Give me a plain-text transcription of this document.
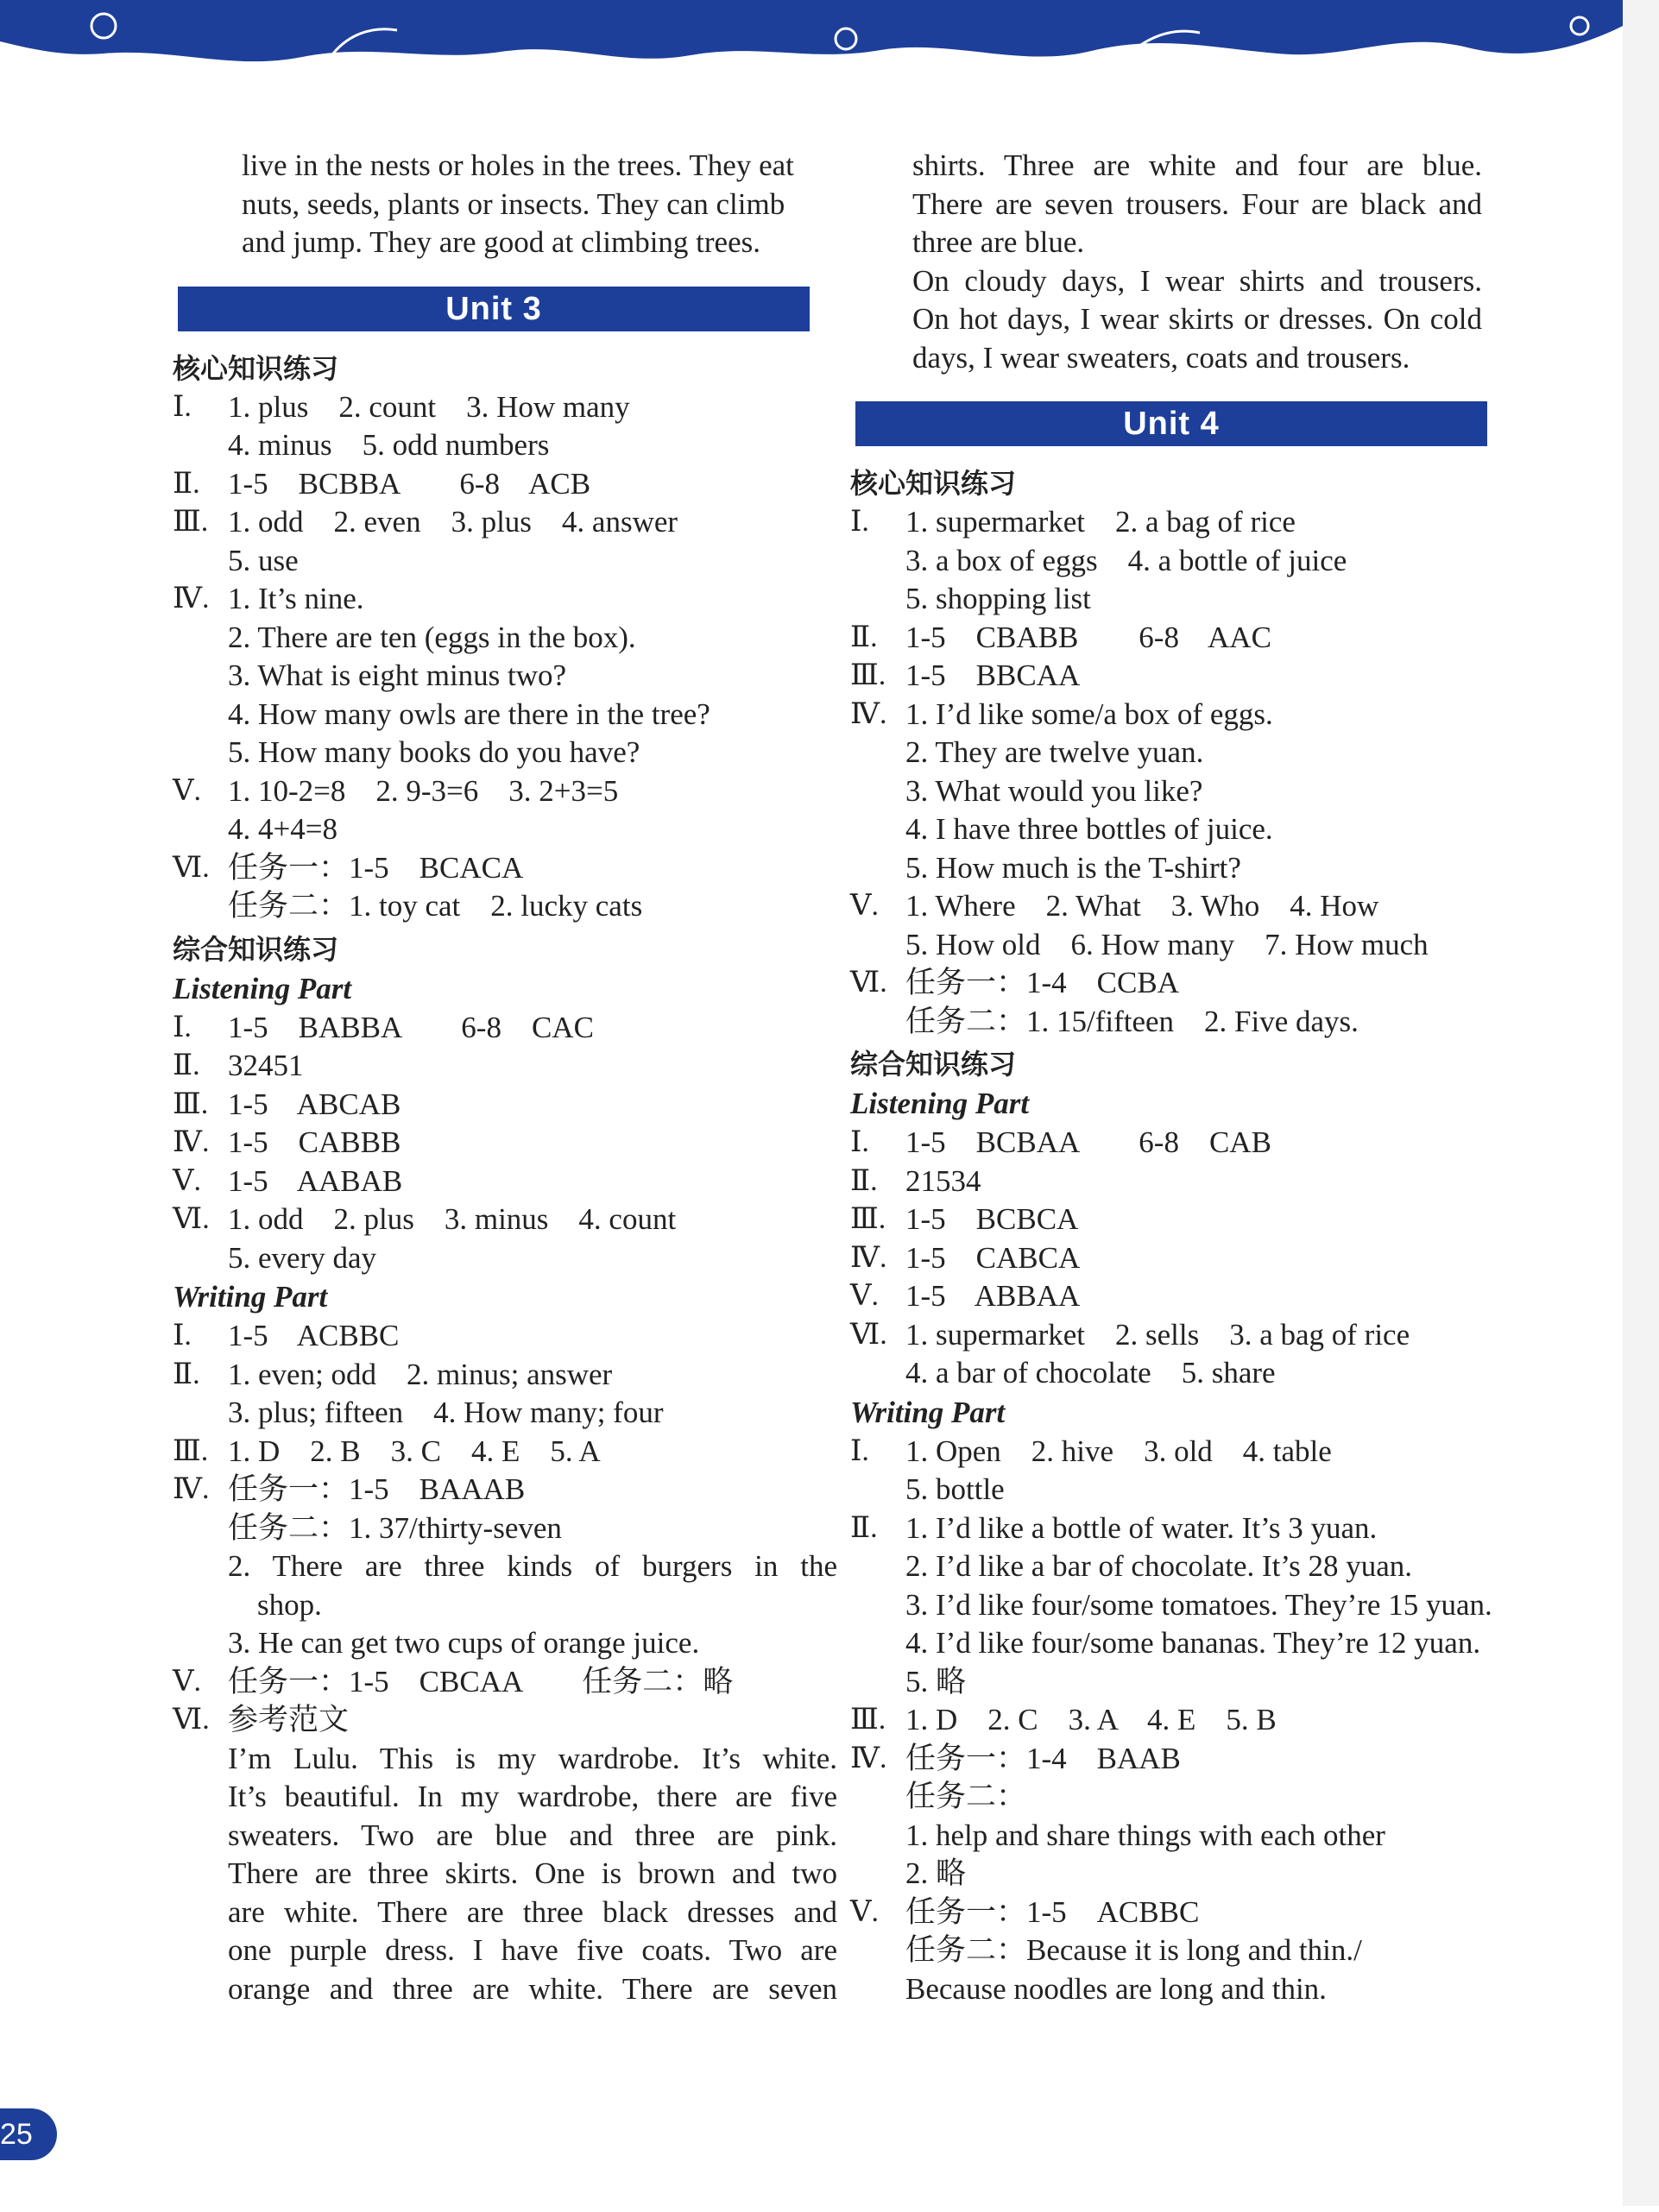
live in the nests or holes in the trees. They eat
nuts, seeds, plants or insects. They can climb
and jump. They are good at climbing trees.
Unit 3
核心知识练习
Ⅰ.	1. plus    2. count    3. How many
4. minus    5. odd numbers
Ⅱ. 1-5    BCBBA        6-8    ACB
Ⅲ. 1. odd    2. even    3. plus    4. answer
5. use
Ⅳ. 1. It’s nine.
2. There are ten (eggs in the box).
3. What is eight minus two?
4. How many owls are there in the tree?
5. How many books do you have?
Ⅴ. 1. 10-2=8    2. 9-3=6    3. 2+3=5
4. 4+4=8
Ⅵ. 任务一：1-5    BCACA
任务二：1. toy cat    2. lucky cats
综合知识练习
Listening Part
Ⅰ.	1-5    BABBA        6-8    CAC
Ⅱ. 32451
Ⅲ. 1-5    ABCAB
Ⅳ. 1-5    CABBB
Ⅴ. 1-5    AABAB
Ⅵ. 1. odd    2. plus    3. minus    4. count
5. every day
Writing Part
Ⅰ.	1-5    ACBBC
Ⅱ. 1. even; odd    2. minus; answer
3. plus; fifteen    4. How many; four
Ⅲ. 1. D    2. B    3. C    4. E    5. A
Ⅳ. 任务一：1-5    BAAAB
任务二：1. 37/thirty-seven
2. There are three kinds of burgers in the
shop.
3. He can get two cups of orange juice.
Ⅴ. 任务一：1-5    CBCAA        任务二：略
Ⅵ. 参考范文
I’m Lulu. This is my wardrobe. It’s white.
It’s beautiful. In my wardrobe, there are five
sweaters. Two are blue and three are pink.
There are three skirts. One is brown and two
are white. There are three black dresses and
one purple dress. I have five coats. Two are
orange and three are white. There are seven
shirts. Three are white and four are blue.
There are seven trousers. Four are black and
three are blue.
On cloudy days, I wear shirts and trousers.
On hot days, I wear skirts or dresses. On cold
days, I wear sweaters, coats and trousers.
Unit 4
核心知识练习
Ⅰ.	1. supermarket    2. a bag of rice
3. a box of eggs    4. a bottle of juice
5. shopping list
Ⅱ. 1-5    CBABB        6-8    AAC
Ⅲ. 1-5    BBCAA
Ⅳ. 1. I’d like some/a box of eggs.
2. They are twelve yuan.
3. What would you like?
4. I have three bottles of juice.
5. How much is the T-shirt?
Ⅴ. 1. Where    2. What    3. Who    4. How
5. How old    6. How many    7. How much
Ⅵ. 任务一：1-4    CCBA
任务二：1. 15/fifteen    2. Five days.
综合知识练习
Listening Part
Ⅰ.	1-5    BCBAA        6-8    CAB
Ⅱ. 21534
Ⅲ. 1-5    BCBCA
Ⅳ. 1-5    CABCA
Ⅴ. 1-5    ABBAA
Ⅵ. 1. supermarket    2. sells    3. a bag of rice
4. a bar of chocolate    5. share
Writing Part
Ⅰ.	1. Open    2. hive    3. old    4. table
5. bottle
Ⅱ. 1. I’d like a bottle of water. It’s 3 yuan.
2. I’d like a bar of chocolate. It’s 28 yuan.
3. I’d like four/some tomatoes. They’re 15 yuan.
4. I’d like four/some bananas. They’re 12 yuan.
5. 略
Ⅲ. 1. D    2. C    3. A    4. E    5. B
Ⅳ. 任务一：1-4    BAAB
任务二：
1. help and share things with each other
2. 略
Ⅴ. 任务一：1-5    ACBBC
任务二：Because it is long and thin./
Because noodles are long and thin.
25 –
